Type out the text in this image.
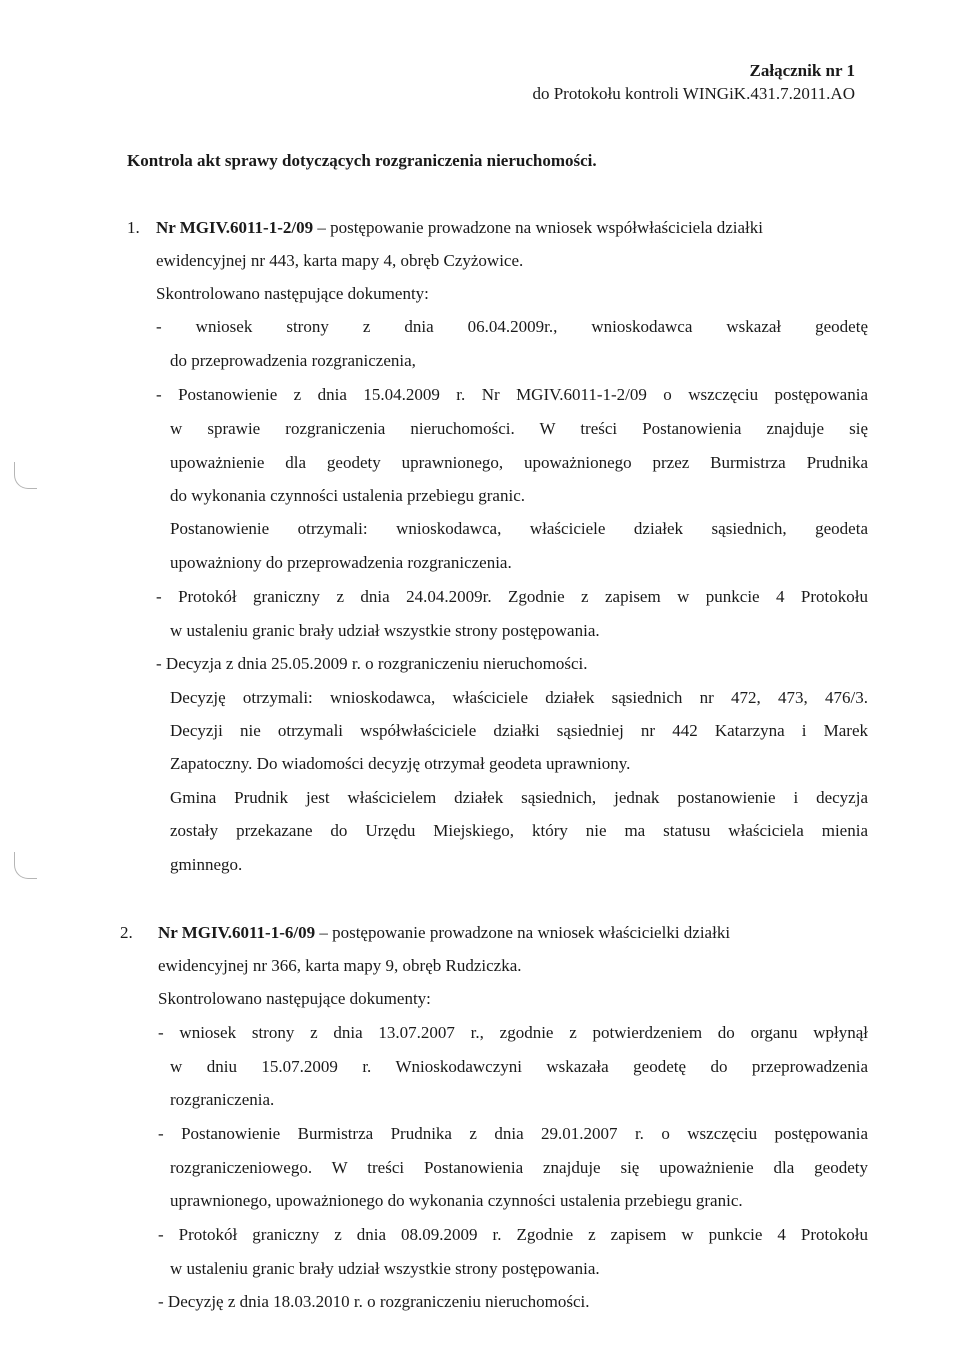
Załącznik nr 1
do Protokołu kontroli WINGiK.431.7.2011.AO
Kontrola akt sprawy dotyczących rozgraniczenia nieruchomości.
1. Nr MGIV.6011-1-2/09 – postępowanie prowadzone na wniosek współwłaściciela działki
ewidencyjnej nr 443, karta mapy 4, obręb Czyżowice.
Skontrolowano następujące dokumenty:
- wniosek strony z dnia 06.04.2009r., wnioskodawca wskazał geodetę
do przeprowadzenia rozgraniczenia,
- Postanowienie z dnia 15.04.2009 r. Nr MGIV.6011-1-2/09 o wszczęciu postępowania
w sprawie rozgraniczenia nieruchomości. W treści Postanowienia znajduje się
upoważnienie dla geodety uprawnionego, upoważnionego przez Burmistrza Prudnika
do wykonania czynności ustalenia przebiegu granic.
Postanowienie otrzymali: wnioskodawca, właściciele działek sąsiednich, geodeta
upoważniony do przeprowadzenia rozgraniczenia.
- Protokół graniczny z dnia 24.04.2009r. Zgodnie z zapisem w punkcie 4 Protokołu
w ustaleniu granic brały udział wszystkie strony postępowania.
- Decyzja z dnia 25.05.2009 r. o rozgraniczeniu nieruchomości.
Decyzję otrzymali: wnioskodawca, właściciele działek sąsiednich nr 472, 473, 476/3.
Decyzji nie otrzymali współwłaściciele działki sąsiedniej nr 442 Katarzyna i Marek
Zapatoczny. Do wiadomości decyzję otrzymał geodeta uprawniony.
Gmina Prudnik jest właścicielem działek sąsiednich, jednak postanowienie i decyzja
zostały przekazane do Urzędu Miejskiego, który nie ma statusu właściciela mienia
gminnego.
2. Nr MGIV.6011-1-6/09 – postępowanie prowadzone na wniosek właścicielki działki
ewidencyjnej nr 366, karta mapy 9, obręb Rudziczka.
Skontrolowano następujące dokumenty:
- wniosek strony z dnia 13.07.2007 r., zgodnie z potwierdzeniem do organu wpłynął
w dniu 15.07.2009 r. Wnioskodawczyni wskazała geodetę do przeprowadzenia
rozgraniczenia.
- Postanowienie Burmistrza Prudnika z dnia 29.01.2007 r. o wszczęciu postępowania
rozgraniczeniowego. W treści Postanowienia znajduje się upoważnienie dla geodety
uprawnionego, upoważnionego do wykonania czynności ustalenia przebiegu granic.
- Protokół graniczny z dnia 08.09.2009 r. Zgodnie z zapisem w punkcie 4 Protokołu
w ustaleniu granic brały udział wszystkie strony postępowania.
- Decyzję z dnia 18.03.2010 r. o rozgraniczeniu nieruchomości.
